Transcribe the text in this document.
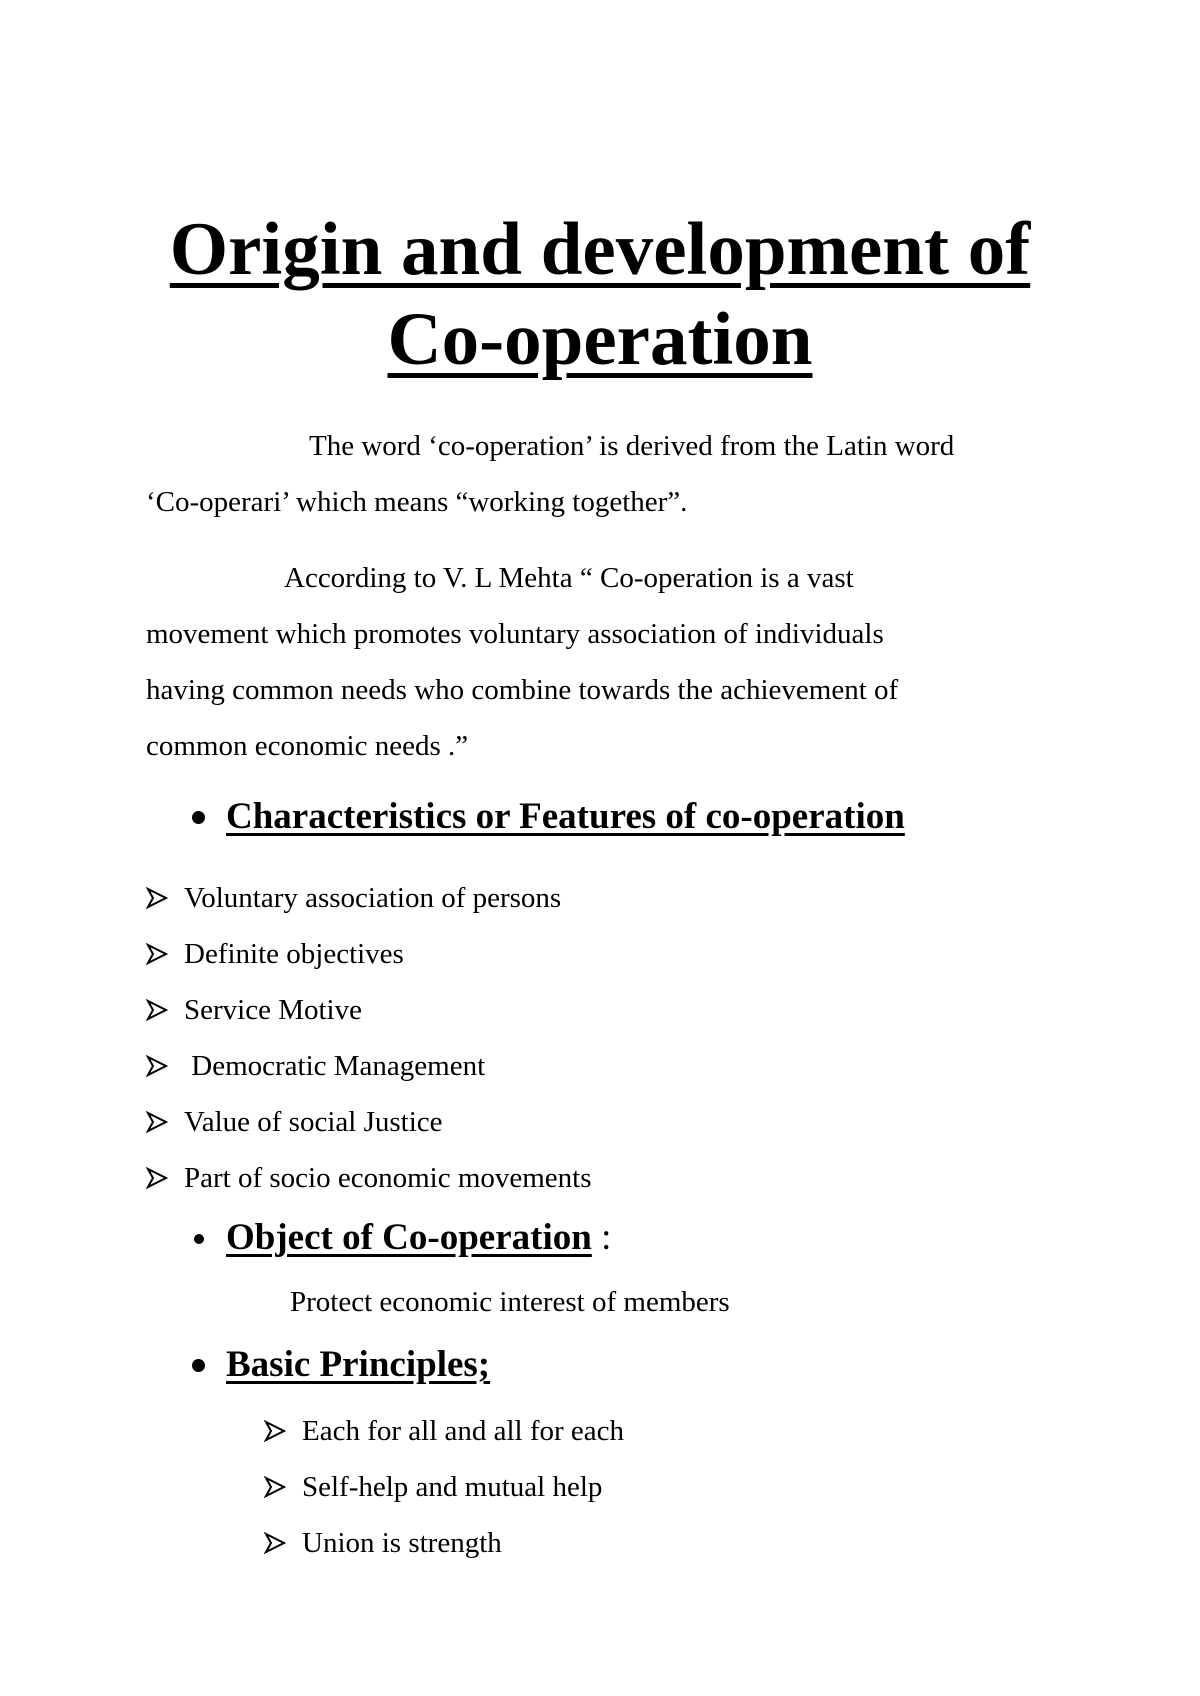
Origin and development of
Co-operation

The word ‘co-operation’ is derived from the Latin word
‘Co-operari’ which means “working together”.

According to V. L Mehta “ Co-operation is a vast
movement which promotes voluntary association of individuals
having common needs who combine towards the achievement of
common economic needs .”

Characteristics or Features of co-operation
Voluntary association of persons
Definite objectives
Service Motive
Democratic Management
Value of social Justice
Part of socio economic movements
Object of Co-operation :

Protect economic interest of members

Basic Principles;
Each for all and all for each
Self-help and mutual help
Union is strength
